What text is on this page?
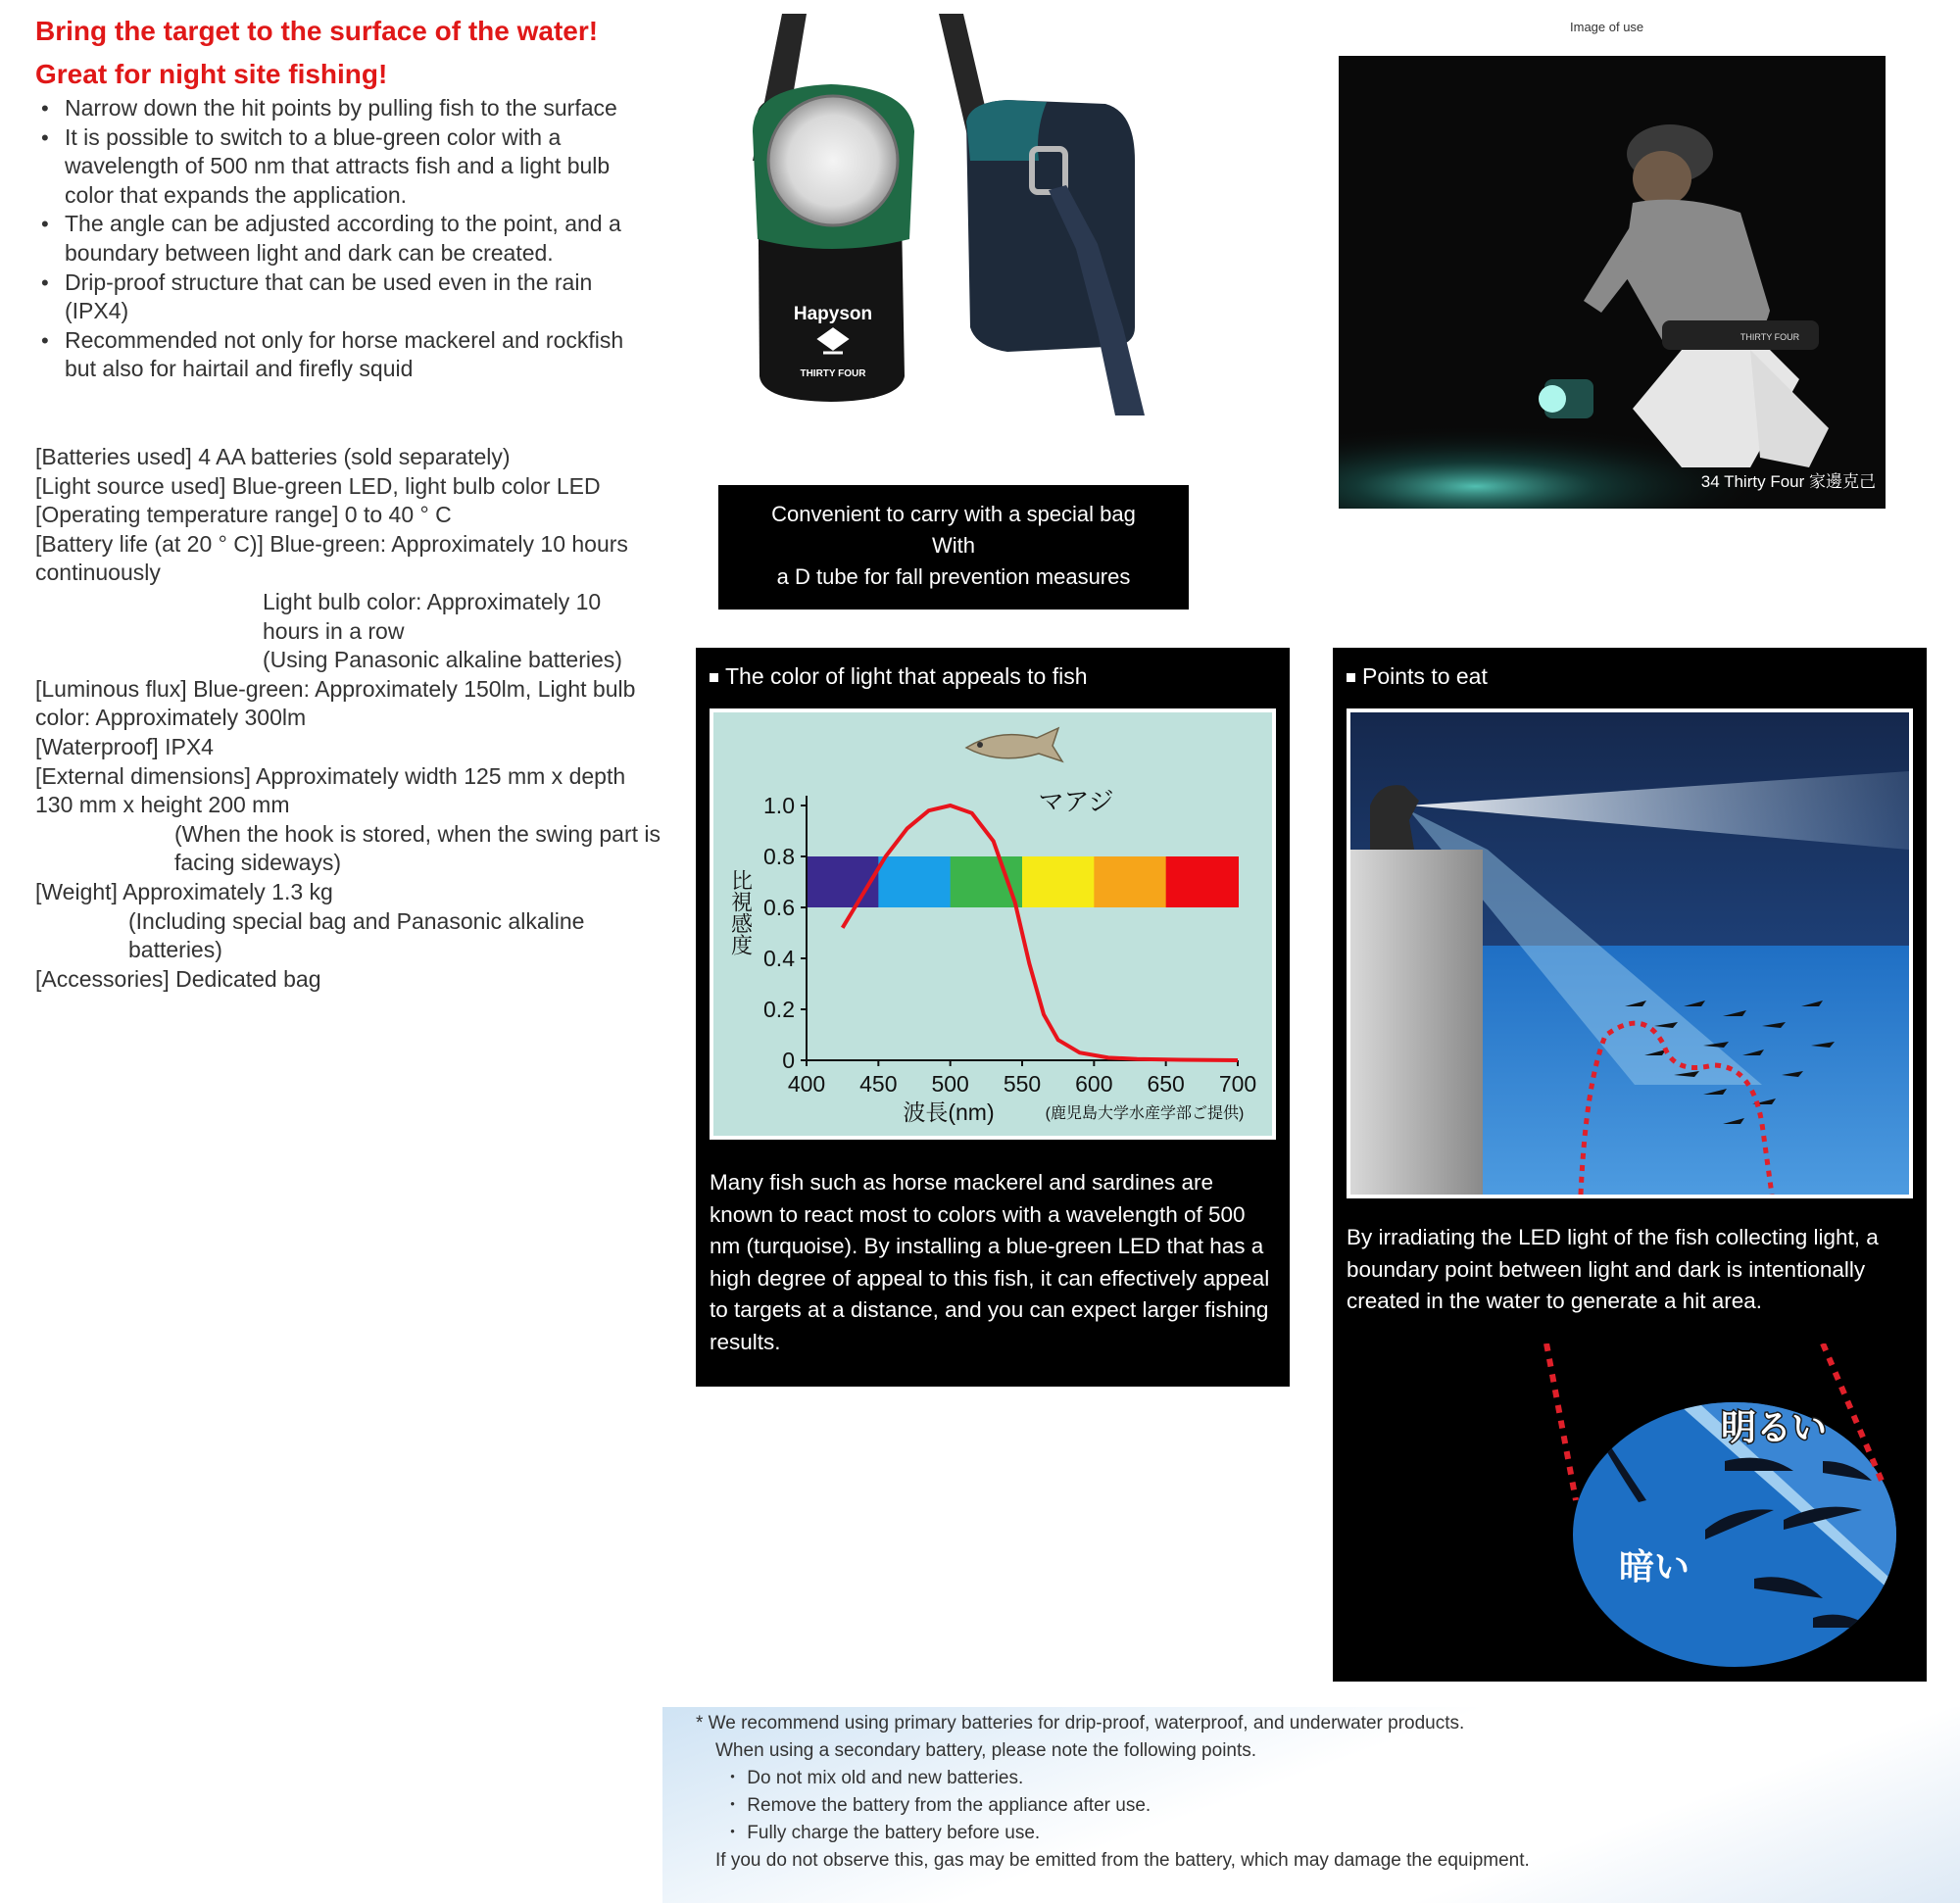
Bring the target to the surface of the water!
Great for night site fishing!
• Narrow down the hit points by pulling fish to the surface
• It is possible to switch to a blue-green color with a wavelength of 500 nm that attracts fish and a light bulb color that expands the application.
• The angle can be adjusted according to the point, and a boundary between light and dark can be created.
• Drip-proof structure that can be used even in the rain (IPX4)
• Recommended not only for horse mackerel and rockfish but also for hairtail and firefly squid
[Batteries used] 4 AA batteries (sold separately)
[Light source used] Blue-green LED, light bulb color LED
[Operating temperature range] 0 to 40 ° C
[Battery life (at 20 ° C)] Blue-green: Approximately 10 hours continuously
Light bulb color: Approximately 10 hours in a row
(Using Panasonic alkaline batteries)
[Luminous flux] Blue-green: Approximately 150lm, Light bulb color: Approximately 300lm
[Waterproof] IPX4
[External dimensions] Approximately width 125 mm x depth 130 mm x height 200 mm
(When the hook is stored, when the swing part is facing sideways)
[Weight] Approximately 1.3 kg
(Including special bag and Panasonic alkaline batteries)
[Accessories] Dedicated bag
Hapyson
THIRTY FOUR
Convenient to carry with a special bag
With
a D tube for fall prevention measures
Image of use
THIRTY FOUR
34 Thirty Four 家邊克己
The color of light that appeals to fish
マアジ
400 450 500 550 600 650 700
0
0.2
0.4
0.6
0.8
1.0
比視感度
波長(nm)	(鹿児島大学水産学部ご提供)
Many fish such as horse mackerel and sardines are known to react most to colors with a wavelength of 500 nm (turquoise). By installing a blue-green LED that has a high degree of appeal to this fish, it can effectively appeal to targets at a distance, and you can expect larger fishing results.
Points to eat
By irradiating the LED light of the fish collecting light, a boundary point between light and dark is intentionally created in the water to generate a hit area.
明るい
暗い
* We recommend using primary batteries for drip-proof, waterproof, and underwater products.
When using a secondary battery, please note the following points.
・ Do not mix old and new batteries.
・ Remove the battery from the appliance after use.
・ Fully charge the battery before use.
If you do not observe this, gas may be emitted from the battery, which may damage the equipment.
